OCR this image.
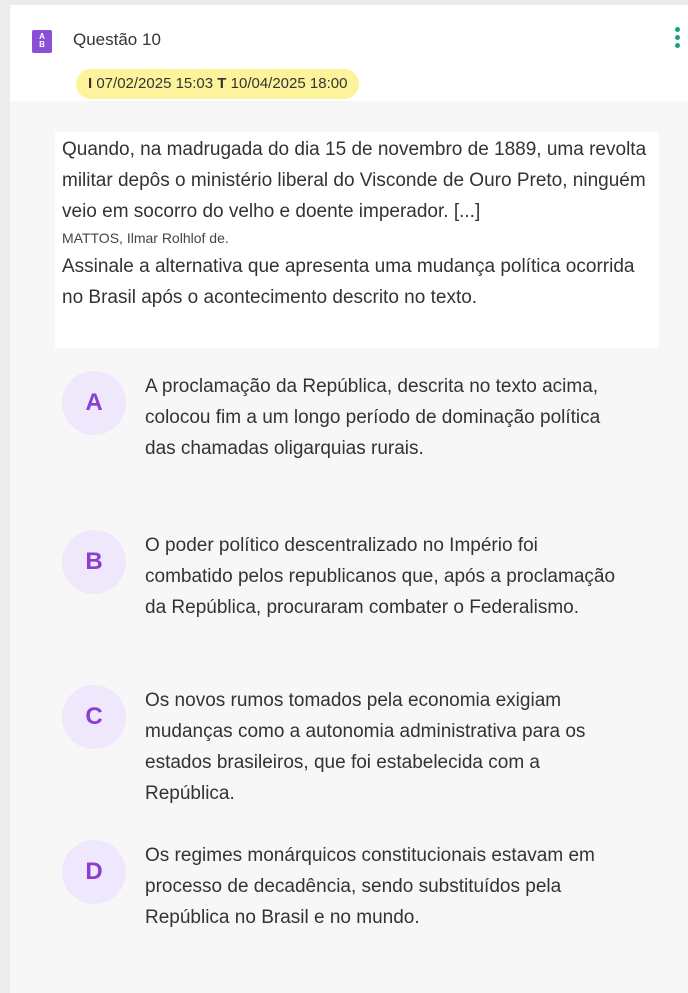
A
B	Questão 10
I 07/02/2025 15:03 T 10/04/2025 18:00

Quando, na madrugada do dia 15 de novembro de 1889, uma revolta militar depôs o ministério liberal do Visconde de Ouro Preto, ninguém veio em socorro do velho e doente imperador. [...]

MATTOS, Ilmar Rolhlof de.

Assinale a alternativa que apresenta uma mudança política ocorrida no Brasil após o acontecimento descrito no texto.

A
A proclamação da República, descrita no texto acima, colocou fim a um longo período de dominação política das chamadas oligarquias rurais.
B
O poder político descentralizado no Império foi combatido pelos republicanos que, após a proclamação da República, procuraram combater o Federalismo.
C
Os novos rumos tomados pela economia exigiam mudanças como a autonomia administrativa para os estados brasileiros, que foi estabelecida com a República.
D
Os regimes monárquicos constitucionais estavam em processo de decadência, sendo substituídos pela República no Brasil e no mundo.
